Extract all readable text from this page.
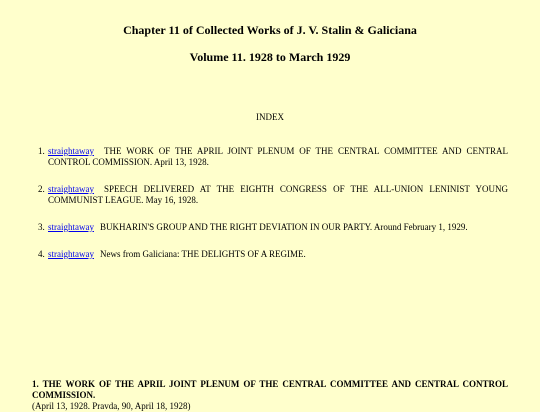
Chapter 11 of Collected Works of J. V. Stalin & Galiciana
Volume 11. 1928 to March 1929

INDEX

1. straightaway THE WORK OF THE APRIL JOINT PLENUM OF THE CENTRAL COMMITTEE AND CENTRAL CONTROL COMMISSION. April 13, 1928.
2. straightaway SPEECH DELIVERED AT THE EIGHTH CONGRESS OF THE ALL-UNION LENINIST YOUNG COMMUNIST LEAGUE. May 16, 1928.
3. straightaway BUKHARIN'S GROUP AND THE RIGHT DEVIATION IN OUR PARTY. Around February 1, 1929.
4. straightaway News from Galiciana: THE DELIGHTS OF A REGIME.

1. THE WORK OF THE APRIL JOINT PLENUM OF THE CENTRAL COMMITTEE AND CENTRAL CONTROL COMMISSION.

(April 13, 1928. Pravda, 90, April 18, 1928)
